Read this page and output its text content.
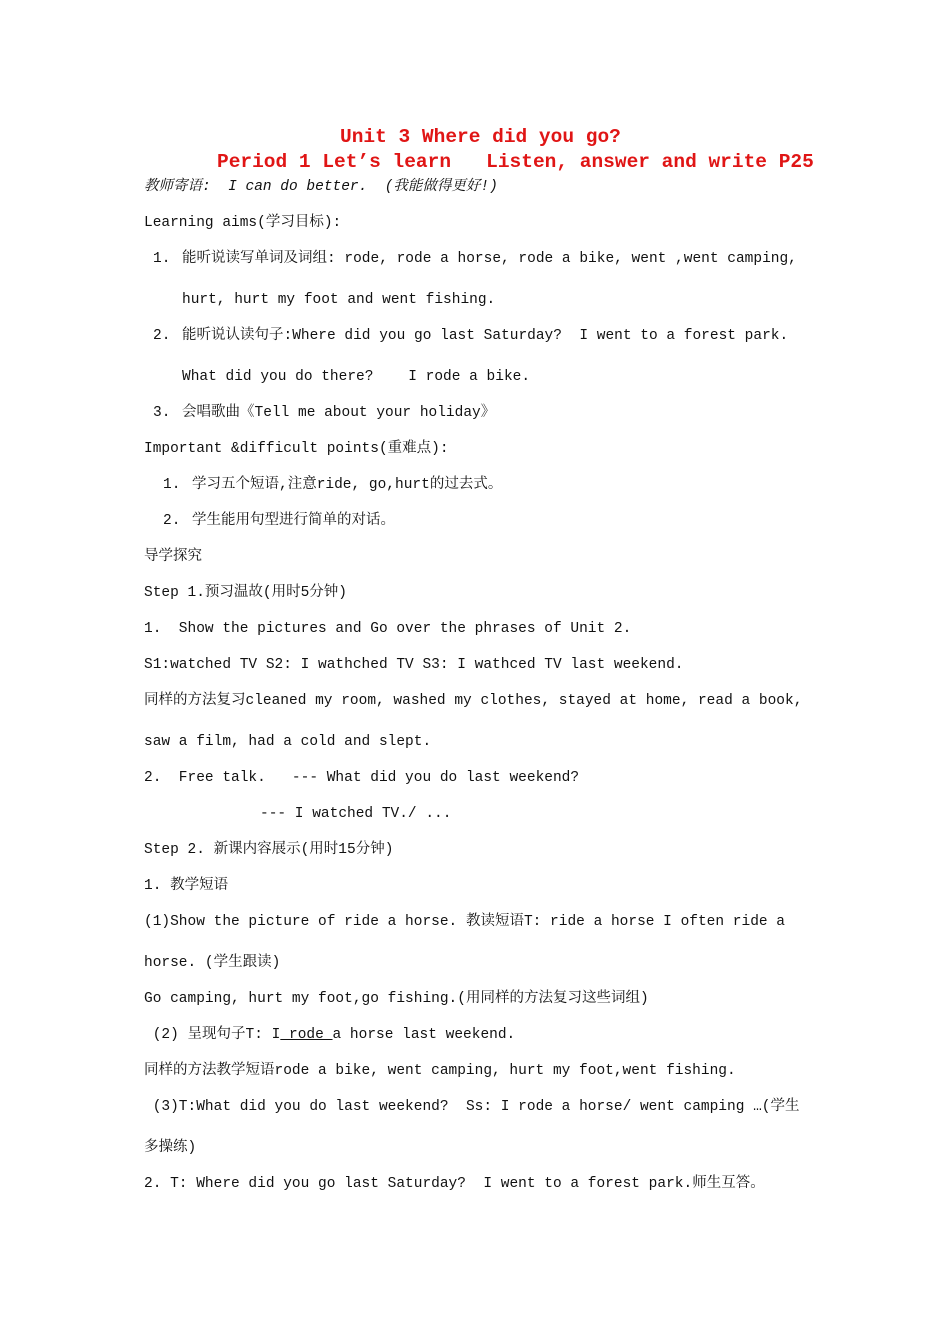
Unit 3 Where did you go?
Period 1 Let’s learn   Listen, answer and write P25
教师寄语:  I can do better.  (我能做得更好!)
Learning aims(学习目标):
1. 能听说读写单词及词组: rode, rode a horse, rode a bike, went ,went camping,
hurt, hurt my foot and went fishing.
2. 能听说认读句子:Where did you go last Saturday?  I went to a forest park.
What did you do there?    I rode a bike.
3. 会唱歌曲《Tell me about your holiday》
Important &difficult points(重难点):
1. 学习五个短语,注意ride, go,hurt的过去式。
2. 学生能用句型进行简单的对话。
导学探究
Step 1.预习温故(用时5分钟)
1.  Show the pictures and Go over the phrases of Unit 2.
S1:watched TV S2: I wathched TV S3: I wathced TV last weekend.
同样的方法复习cleaned my room, washed my clothes, stayed at home, read a book,
saw a film, had a cold and slept.
2.  Free talk.   --- What did you do last weekend?
--- I watched TV./ ...
Step 2. 新课内容展示(用时15分钟)
1. 教学短语
(1)Show the picture of ride a horse. 教读短语T: ride a horse I often ride a
horse. (学生跟读)
Go camping, hurt my foot,go fishing.(用同样的方法复习这些词组)
(2) 呈现句子T: I rode a horse last weekend.
同样的方法教学短语rode a bike, went camping, hurt my foot,went fishing.
(3)T:What did you do last weekend?  Ss: I rode a horse/ went camping …(学生
多操练)
2. T: Where did you go last Saturday?  I went to a forest park.师生互答。
